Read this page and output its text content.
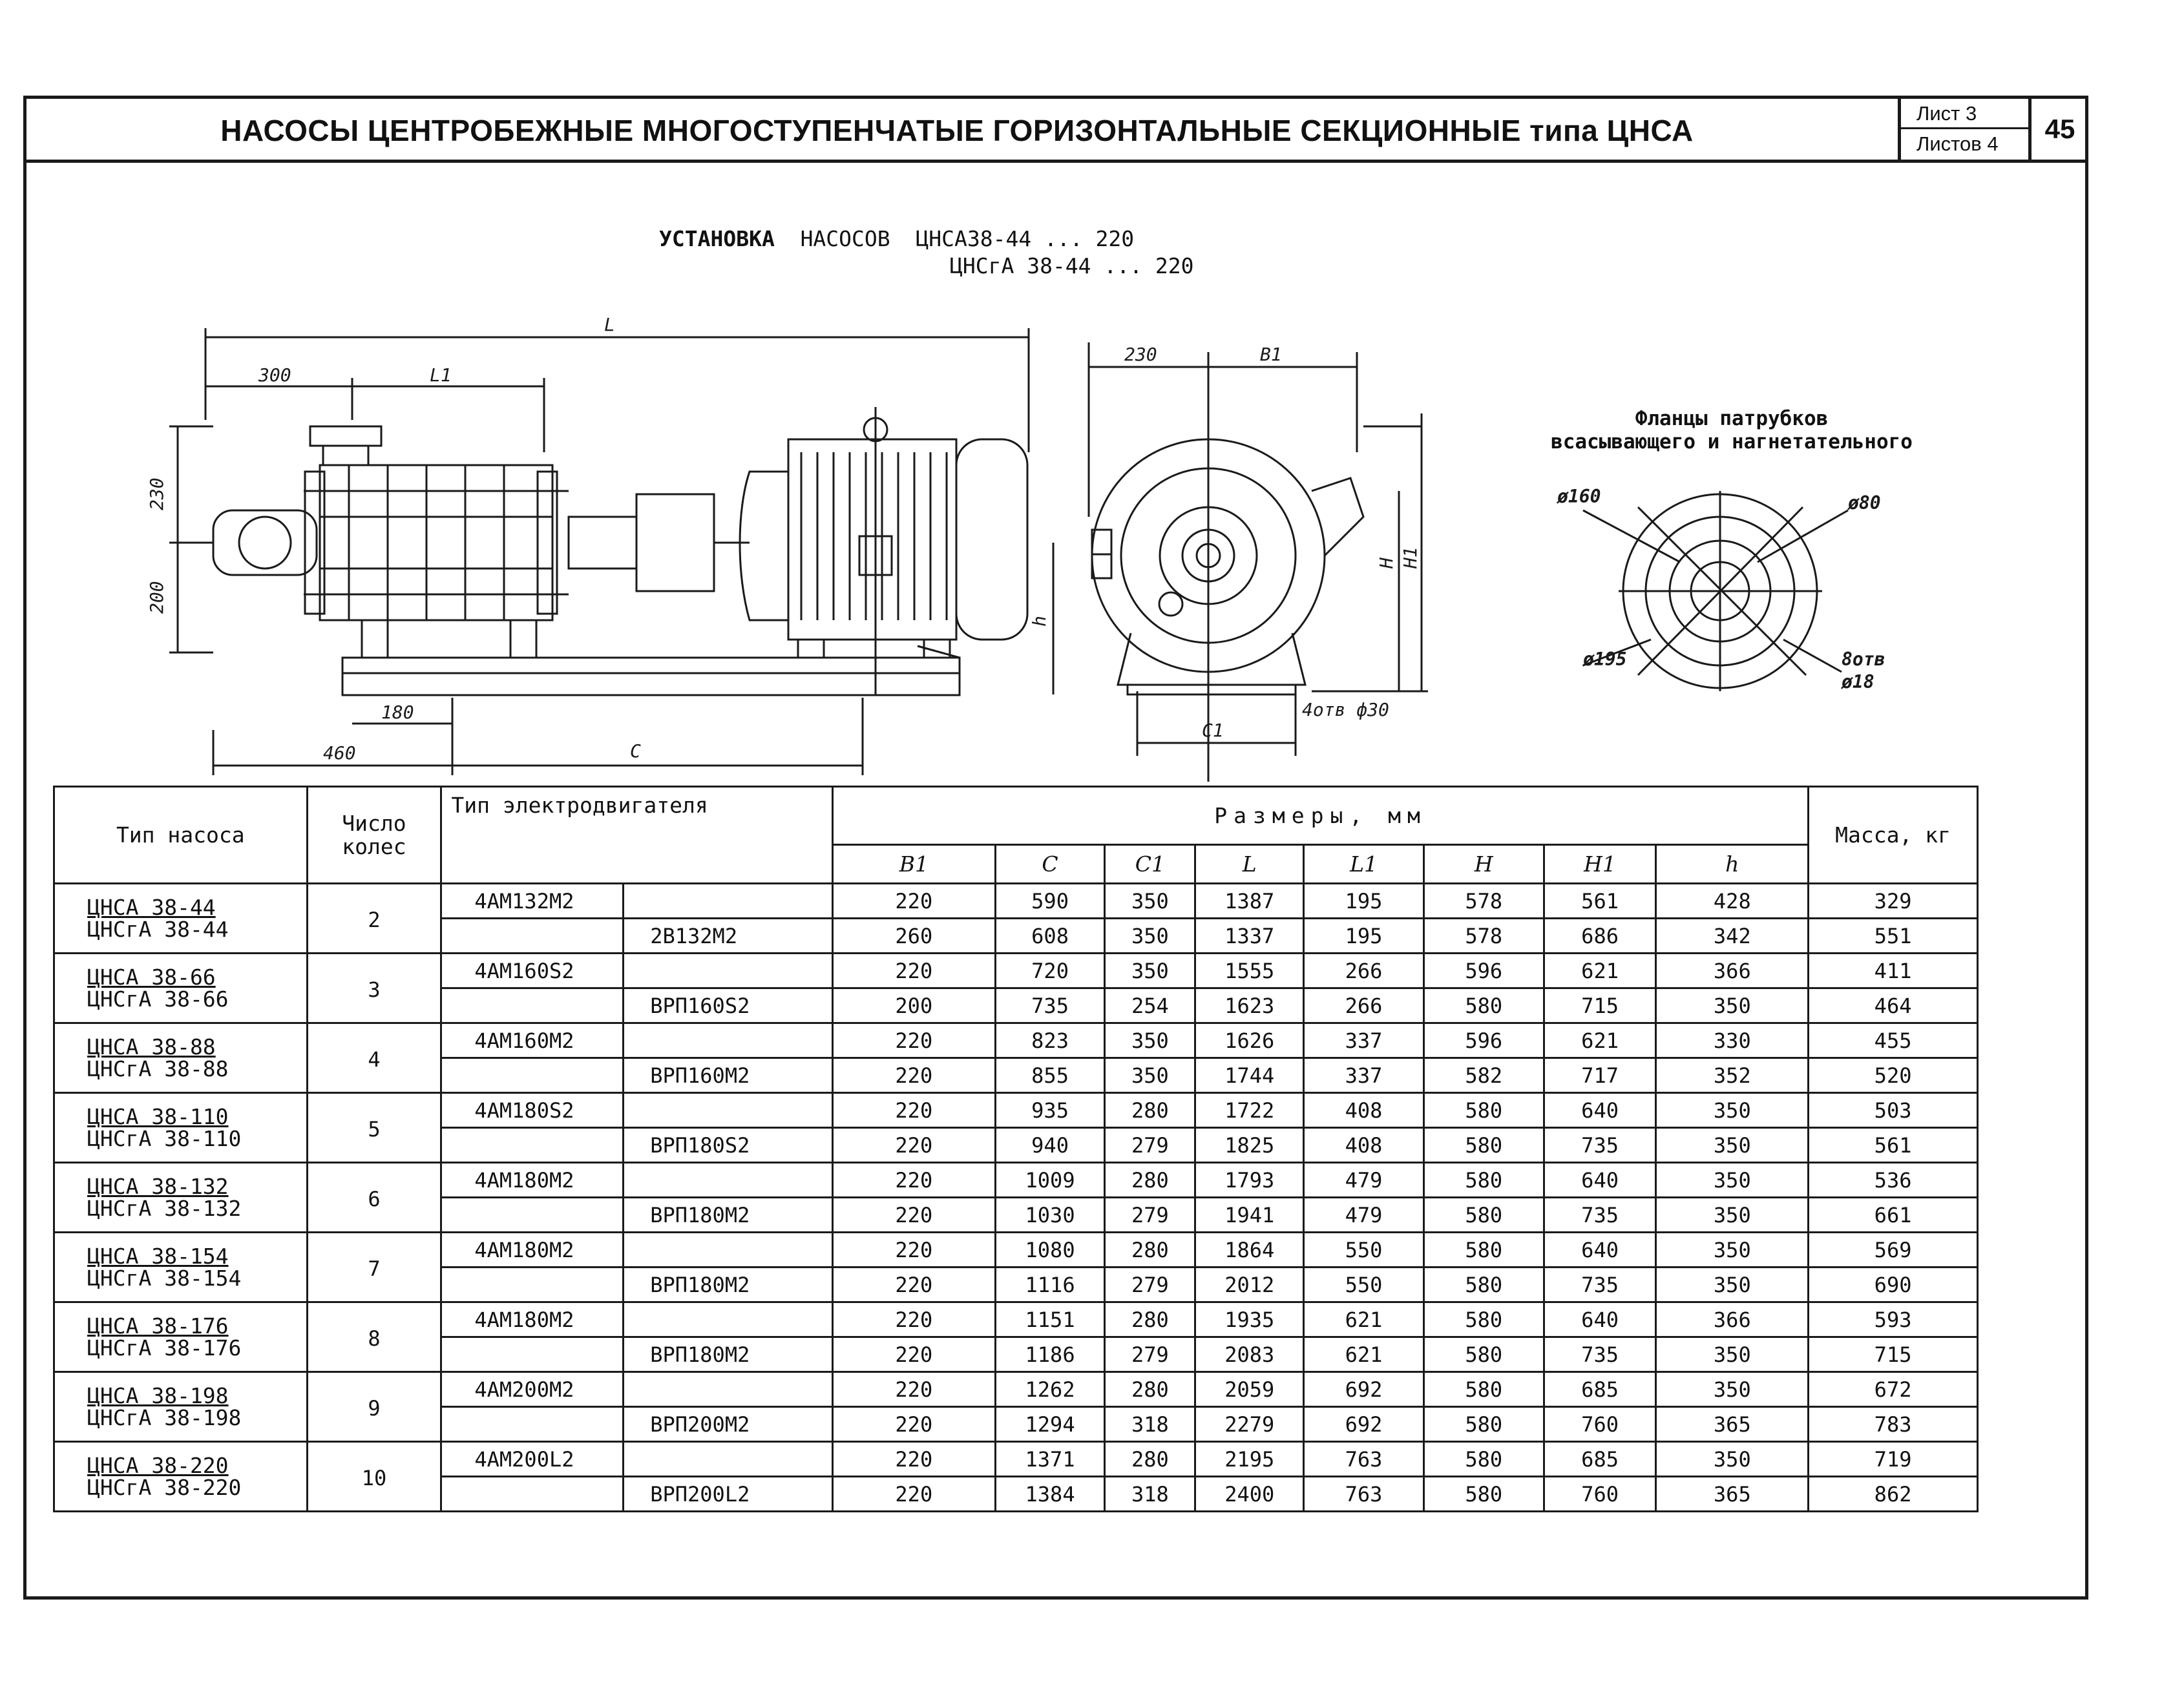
НАСОСЫ ЦЕНТРОБЕЖНЫЕ МНОГОСТУПЕНЧАТЫЕ ГОРИЗОНТАЛЬНЫЕ СЕКЦИОННЫЕ типа ЦНСА
Лист 3
Листов 4	45
УСТАНОВКА НАСОСОВ ЦНСА38-44 ... 220
ЦНСгА 38-44 ... 220
L
L1
300
230
200
180
460	C
h
230	B1
H H1
C1
4отв ф30
ø160	ø80
ø195	8отв
ø18
Фланцы патрубков
всасывающего и нагнетательного
Тип насоса	Число колес	Тип электродвигателя		Размеры, мм								Масса, кг
				B1	C	C1	L	L1	H	H1	h	

ЦНСА 38-44
ЦНСгА 38-44	2	4АМ132М2		220	590	350	1387	195	578	561	428	329
			2В132М2	260	608	350	1337	195	578	686	342	551

ЦНСА 38-66
ЦНСгА 38-66	3	4АМ160S2		220	720	350	1555	266	596	621	366	411
			ВРП160S2	200	735	254	1623	266	580	715	350	464

ЦНСА 38-88
ЦНСгА 38-88	4	4АМ160М2		220	823	350	1626	337	596	621	330	455
			ВРП160М2	220	855	350	1744	337	582	717	352	520

ЦНСА 38-110
ЦНСгА 38-110	5	4АМ180S2		220	935	280	1722	408	580	640	350	503
			ВРП180S2	220	940	279	1825	408	580	735	350	561

ЦНСА 38-132
ЦНСгА 38-132	6	4АМ180М2		220	1009	280	1793	479	580	640	350	536
			ВРП180М2	220	1030	279	1941	479	580	735	350	661

ЦНСА 38-154
ЦНСгА 38-154	7	4АМ180М2		220	1080	280	1864	550	580	640	350	569
			ВРП180М2	220	1116	279	2012	550	580	735	350	690

ЦНСА 38-176
ЦНСгА 38-176	8	4АМ180М2		220	1151	280	1935	621	580	640	366	593
			ВРП180М2	220	1186	279	2083	621	580	735	350	715

ЦНСА 38-198
ЦНСгА 38-198	9	4АМ200М2		220	1262	280	2059	692	580	685	350	672
			ВРП200М2	220	1294	318	2279	692	580	760	365	783

ЦНСА 38-220
ЦНСгА 38-220	10	4АМ200L2		220	1371	280	2195	763	580	685	350	719
			ВРП200L2	220	1384	318	2400	763	580	760	365	862
